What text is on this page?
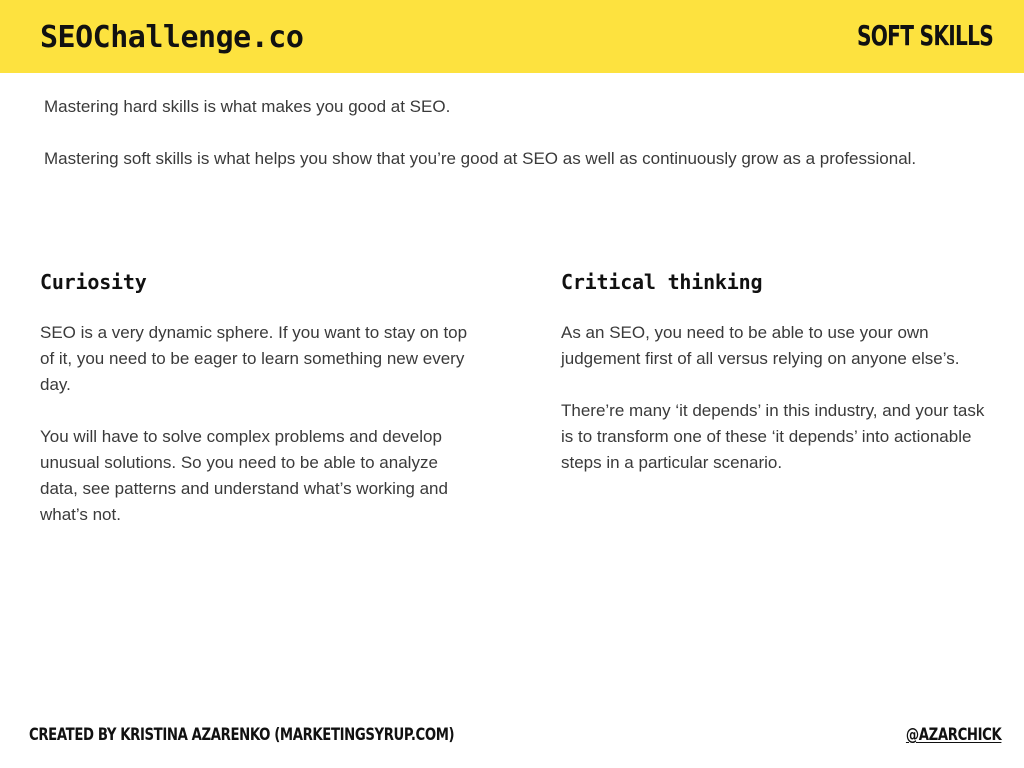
SEOChallenge.co	SOFT SKILLS

Mastering hard skills is what makes you good at SEO.

Mastering soft skills is what helps you show that you’re good at SEO as well as continuously grow as a professional.

Curiosity

SEO is a very dynamic sphere. If you want to stay on top of it, you need to be eager to learn something new every day.

You will have to solve complex problems and develop unusual solutions. So you need to be able to analyze data, see patterns and understand what’s working and what’s not.

Critical thinking

As an SEO, you need to be able to use your own judgement first of all versus relying on anyone else’s.

There’re many ‘it depends’ in this industry, and your task is to transform one of these ‘it depends’ into actionable steps in a particular scenario.

CREATED BY KRISTINA AZARENKO (MARKETINGSYRUP.COM)	@AZARCHICK
